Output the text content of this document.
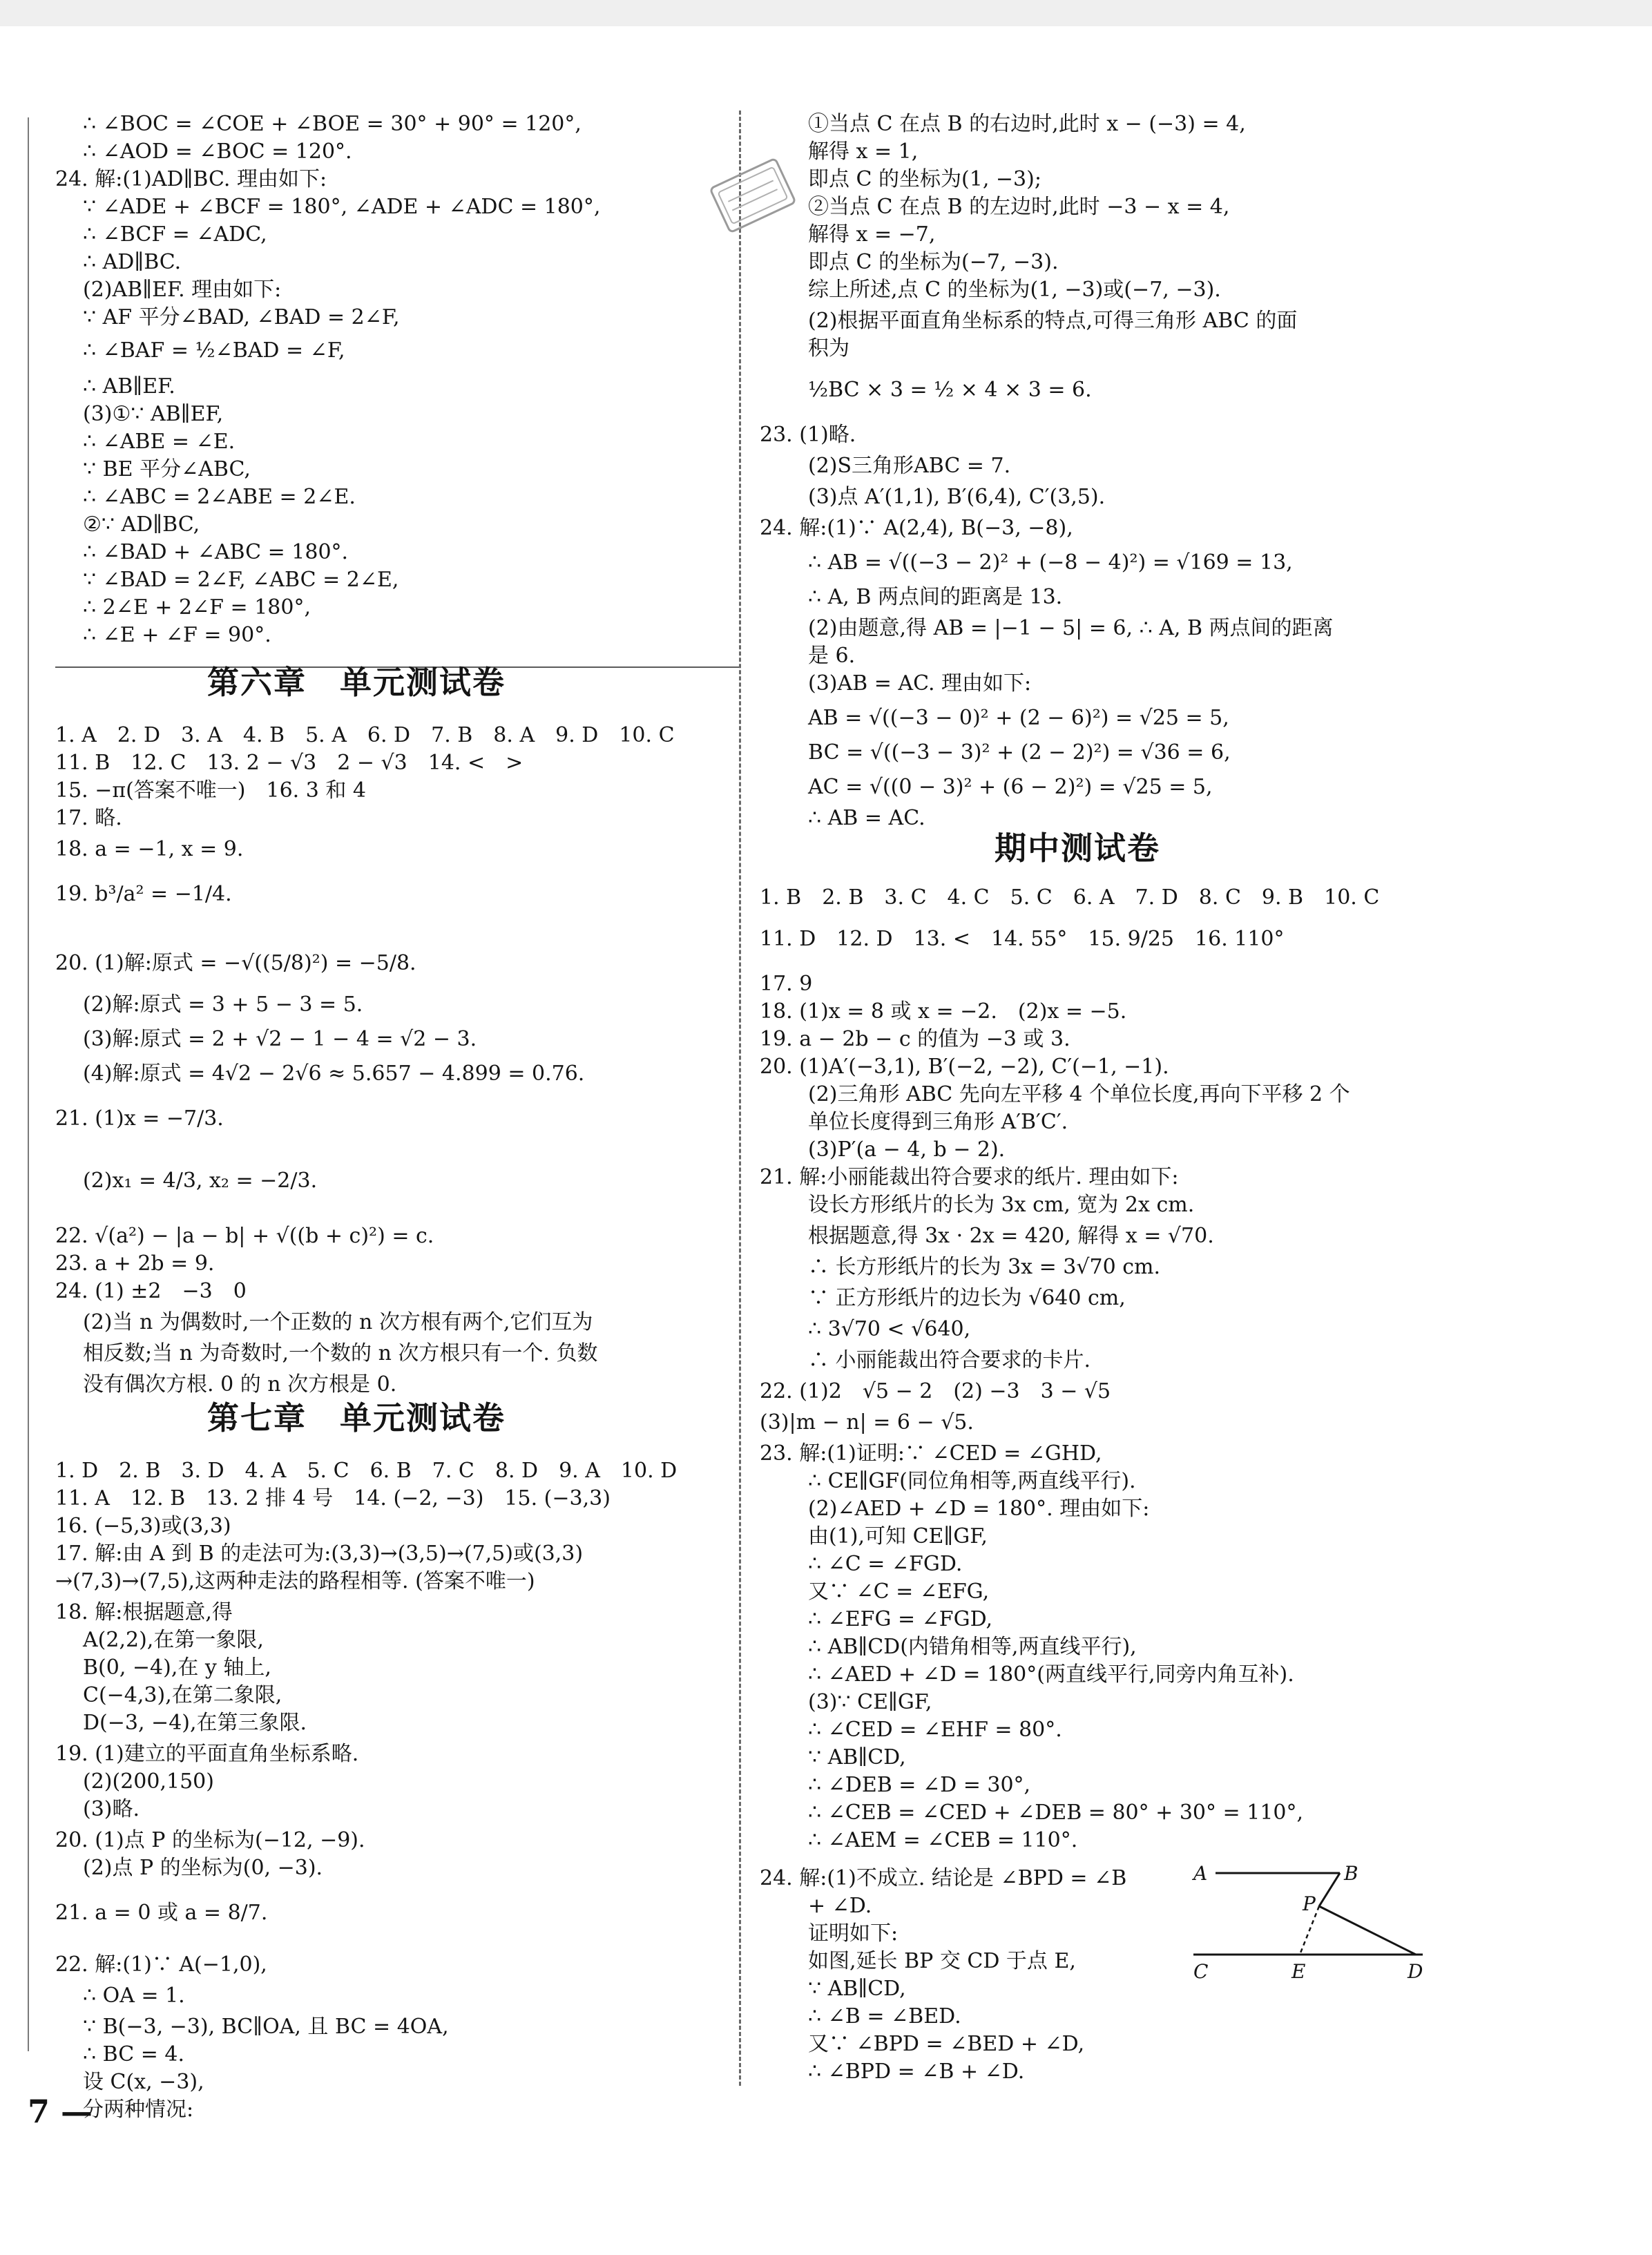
∴ ∠BOC = ∠COE + ∠BOE = 30° + 90° = 120°,
∴ ∠AOD = ∠BOC = 120°.
24. 解:(1)AD∥BC. 理由如下:
∵ ∠ADE + ∠BCF = 180°, ∠ADE + ∠ADC = 180°,
∴ ∠BCF = ∠ADC,
∴ AD∥BC.
(2)AB∥EF. 理由如下:
∵ AF 平分∠BAD, ∠BAD = 2∠F,
∴ ∠BAF = ½∠BAD = ∠F,
∴ AB∥EF.
(3)①∵ AB∥EF,
∴ ∠ABE = ∠E.
∵ BE 平分∠ABC,
∴ ∠ABC = 2∠ABE = 2∠E.
②∵ AD∥BC,
∴ ∠BAD + ∠ABC = 180°.
∵ ∠BAD = 2∠F, ∠ABC = 2∠E,
∴ 2∠E + 2∠F = 180°,
∴ ∠E + ∠F = 90°.
第六章　单元测试卷
1. A　2. D　3. A　4. B　5. A　6. D　7. B　8. A　9. D　10. C
11. B　12. C　13. 2 − √3　2 − √3　14. <　>
15. −π(答案不唯一)　16. 3 和 4
17. 略.
18. a = −1, x = 9.
19. b³/a² = −1/4.
20. (1)解:原式 = −√((5/8)²) = −5/8.
(2)解:原式 = 3 + 5 − 3 = 5.
(3)解:原式 = 2 + √2 − 1 − 4 = √2 − 3.
(4)解:原式 = 4√2 − 2√6 ≈ 5.657 − 4.899 = 0.76.
21. (1)x = −7/3.
(2)x₁ = 4/3, x₂ = −2/3.
22. √(a²) − |a − b| + √((b + c)²) = c.
23. a + 2b = 9.
24. (1) ±2　−3　0
(2)当 n 为偶数时,一个正数的 n 次方根有两个,它们互为
相反数;当 n 为奇数时,一个数的 n 次方根只有一个. 负数
没有偶次方根. 0 的 n 次方根是 0.
第七章　单元测试卷
1. D　2. B　3. D　4. A　5. C　6. B　7. C　8. D　9. A　10. D
11. A　12. B　13. 2 排 4 号　14. (−2, −3)　15. (−3,3)
16. (−5,3)或(3,3)
17. 解:由 A 到 B 的走法可为:(3,3)→(3,5)→(7,5)或(3,3)
→(7,3)→(7,5),这两种走法的路程相等. (答案不唯一)
18. 解:根据题意,得
A(2,2),在第一象限,
B(0, −4),在 y 轴上,
C(−4,3),在第二象限,
D(−3, −4),在第三象限.
19. (1)建立的平面直角坐标系略.
(2)(200,150)
(3)略.
20. (1)点 P 的坐标为(−12, −9).
(2)点 P 的坐标为(0, −3).
21. a = 0 或 a = 8/7.
22. 解:(1)∵ A(−1,0),
∴ OA = 1.
∵ B(−3, −3), BC∥OA, 且 BC = 4OA,
∴ BC = 4.
设 C(x, −3),
分两种情况:
①当点 C 在点 B 的右边时,此时 x − (−3) = 4,
解得 x = 1,
即点 C 的坐标为(1, −3);
②当点 C 在点 B 的左边时,此时 −3 − x = 4,
解得 x = −7,
即点 C 的坐标为(−7, −3).
综上所述,点 C 的坐标为(1, −3)或(−7, −3).
(2)根据平面直角坐标系的特点,可得三角形 ABC 的面
积为
½BC × 3 = ½ × 4 × 3 = 6.
23. (1)略.
(2)S三角形ABC = 7.
(3)点 A′(1,1), B′(6,4), C′(3,5).
24. 解:(1)∵ A(2,4), B(−3, −8),
∴ AB = √((−3 − 2)² + (−8 − 4)²) = √169 = 13,
∴ A, B 两点间的距离是 13.
(2)由题意,得 AB = |−1 − 5| = 6, ∴ A, B 两点间的距离
是 6.
(3)AB = AC. 理由如下:
AB = √((−3 − 0)² + (2 − 6)²) = √25 = 5,
BC = √((−3 − 3)² + (2 − 2)²) = √36 = 6,
AC = √((0 − 3)² + (6 − 2)²) = √25 = 5,
∴ AB = AC.
期中测试卷
1. B　2. B　3. C　4. C　5. C　6. A　7. D　8. C　9. B　10. C
11. D　12. D　13. <　14. 55°　15. 9/25　16. 110°
17. 9
18. (1)x = 8 或 x = −2.　(2)x = −5.
19. a − 2b − c 的值为 −3 或 3.
20. (1)A′(−3,1), B′(−2, −2), C′(−1, −1).
(2)三角形 ABC 先向左平移 4 个单位长度,再向下平移 2 个
单位长度得到三角形 A′B′C′.
(3)P′(a − 4, b − 2).
21. 解:小丽能裁出符合要求的纸片. 理由如下:
设长方形纸片的长为 3x cm, 宽为 2x cm.
根据题意,得 3x · 2x = 420, 解得 x = √70.
∴ 长方形纸片的长为 3x = 3√70 cm.
∵ 正方形纸片的边长为 √640 cm,
∴ 3√70 < √640,
∴ 小丽能裁出符合要求的卡片.
22. (1)2　√5 − 2　(2) −3　3 − √5
(3)|m − n| = 6 − √5.
23. 解:(1)证明:∵ ∠CED = ∠GHD,
∴ CE∥GF(同位角相等,两直线平行).
(2)∠AED + ∠D = 180°. 理由如下:
由(1),可知 CE∥GF,
∴ ∠C = ∠FGD.
又∵ ∠C = ∠EFG,
∴ ∠EFG = ∠FGD,
∴ AB∥CD(内错角相等,两直线平行),
∴ ∠AED + ∠D = 180°(两直线平行,同旁内角互补).
(3)∵ CE∥GF,
∴ ∠CED = ∠EHF = 80°.
∵ AB∥CD,
∴ ∠DEB = ∠D = 30°,
∴ ∠CEB = ∠CED + ∠DEB = 80° + 30° = 110°,
∴ ∠AEM = ∠CEB = 110°.
24. 解:(1)不成立. 结论是 ∠BPD = ∠B
+ ∠D.
证明如下:
如图,延长 BP 交 CD 于点 E,
∵ AB∥CD,
∴ ∠B = ∠BED.
又∵ ∠BPD = ∠BED + ∠D,
∴ ∠BPD = ∠B + ∠D.
A	B
P
C	E	D
7 —
